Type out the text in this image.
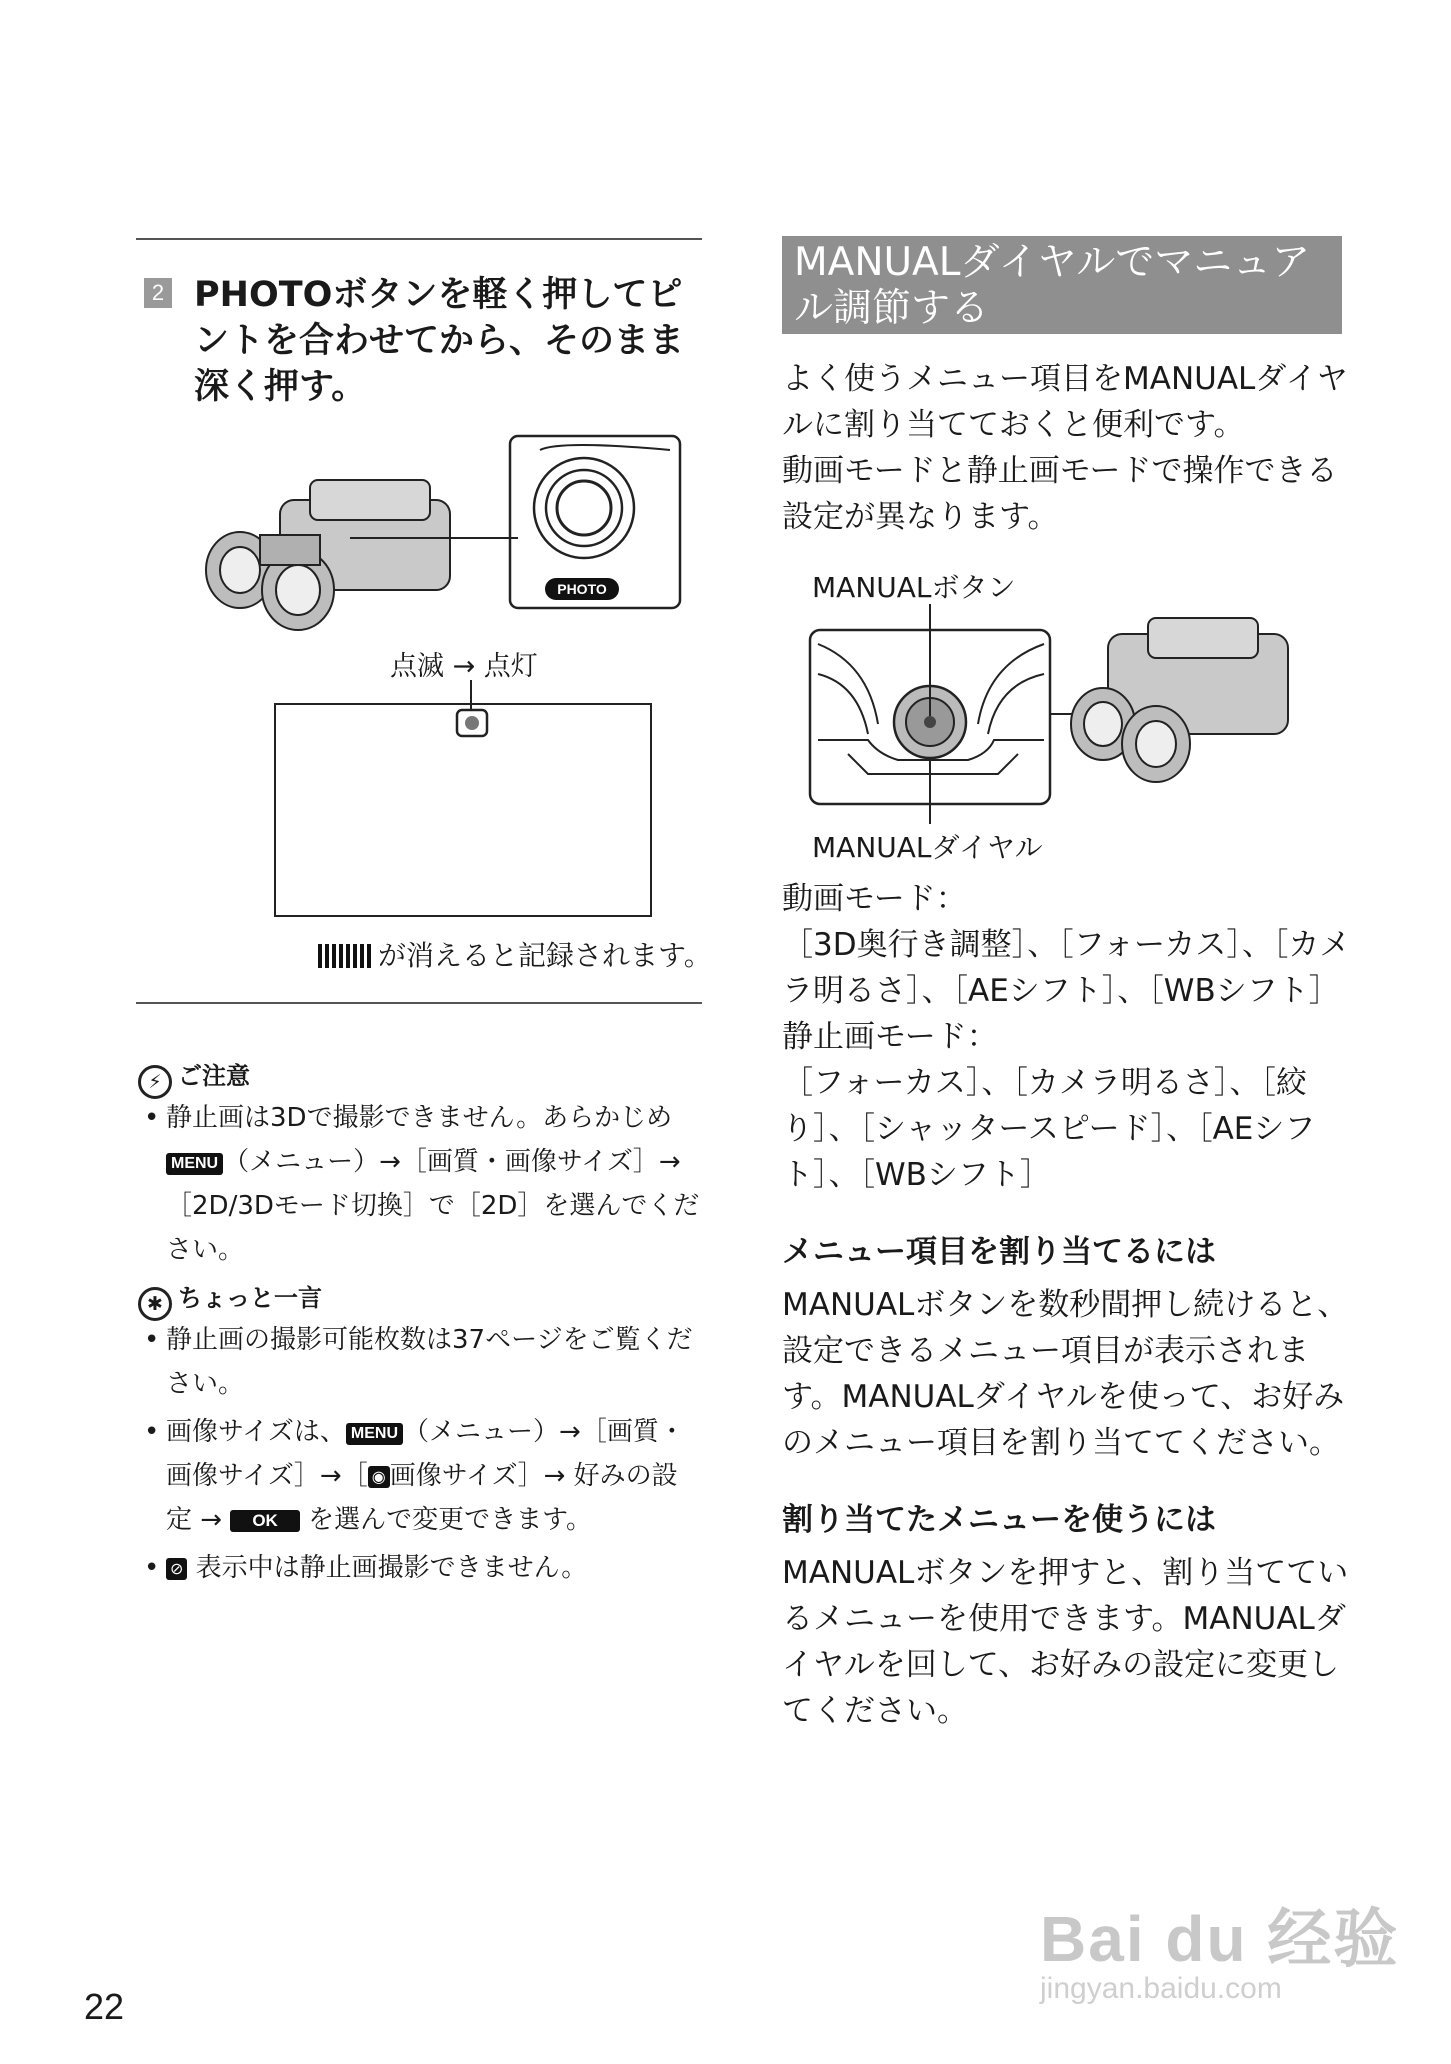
2 PHOTOボタンを軽く押してピントを合わせてから、そのまま深く押す。
PHOTO
点滅 → 点灯
が消えると記録されます。
⚡ ご注意
• 静止画は3Dで撮影できません。あらかじめ MENU （メニュー）→［画質・画像サイズ］→［2D/3Dモード切換］で［2D］を選んでください。
✱ ちょっと一言
• 静止画の撮影可能枚数は37ページをご覧ください。
• 画像サイズは、 MENU （メニュー）→［画質・画像サイズ］→［ ◉ 画像サイズ］→ 好みの設定 → OK を選んで変更できます。
• ⊘ 表示中は静止画撮影できません。
MANUALダイヤルでマニュアル調節する
よく使うメニュー項目をMANUALダイヤルに割り当てておくと便利です。
動画モードと静止画モードで操作できる設定が異なります。
MANUALボタン
MANUALダイヤル
動画モード：
［3D奥行き調整］、［フォーカス］、［カメラ明るさ］、［AEシフト］、［WBシフト］
静止画モード：
［フォーカス］、［カメラ明るさ］、［絞り］、［シャッタースピード］、［AEシフト］、［WBシフト］
メニュー項目を割り当てるには
MANUALボタンを数秒間押し続けると、設定できるメニュー項目が表示されます。MANUALダイヤルを使って、お好みのメニュー項目を割り当ててください。
割り当てたメニューを使うには
MANUALボタンを押すと、割り当てているメニューを使用できます。MANUALダイヤルを回して、お好みの設定に変更してください。
22
Bai du 经验
jingyan.baidu.com
